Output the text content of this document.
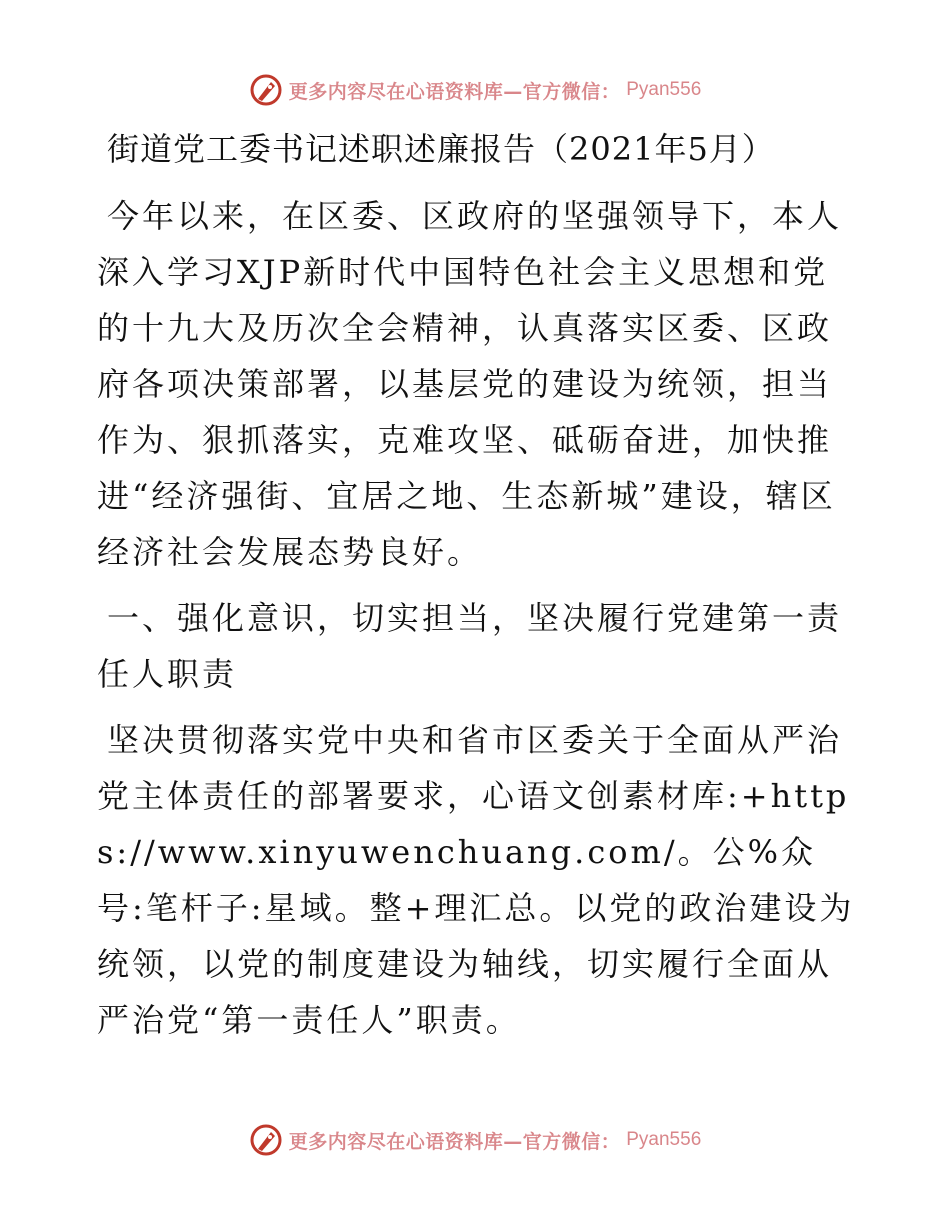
更多内容尽在心语资料库—官方微信： Pyan556
街道党工委书记述职述廉报告（2021年5月）

今年以来，在区委、区政府的坚强领导下，本人深入学习XJP新时代中国特色社会主义思想和党的十九大及历次全会精神，认真落实区委、区政府各项决策部署，以基层党的建设为统领，担当作为、狠抓落实，克难攻坚、砥砺奋进，加快推进“经济强街、宜居之地、生态新城”建设，辖区经济社会发展态势良好。

一、强化意识，切实担当，坚决履行党建第一责任人职责

坚决贯彻落实党中央和省市区委关于全面从严治党主体责任的部署要求，心语文创素材库:+https://www.xinyuwenchuang.com/。公%众号:笔杆子:星域。整+理汇总。以党的政治建设为统领，以党的制度建设为轴线，切实履行全面从严治党“第一责任人”职责。

更多内容尽在心语资料库—官方微信： Pyan556
